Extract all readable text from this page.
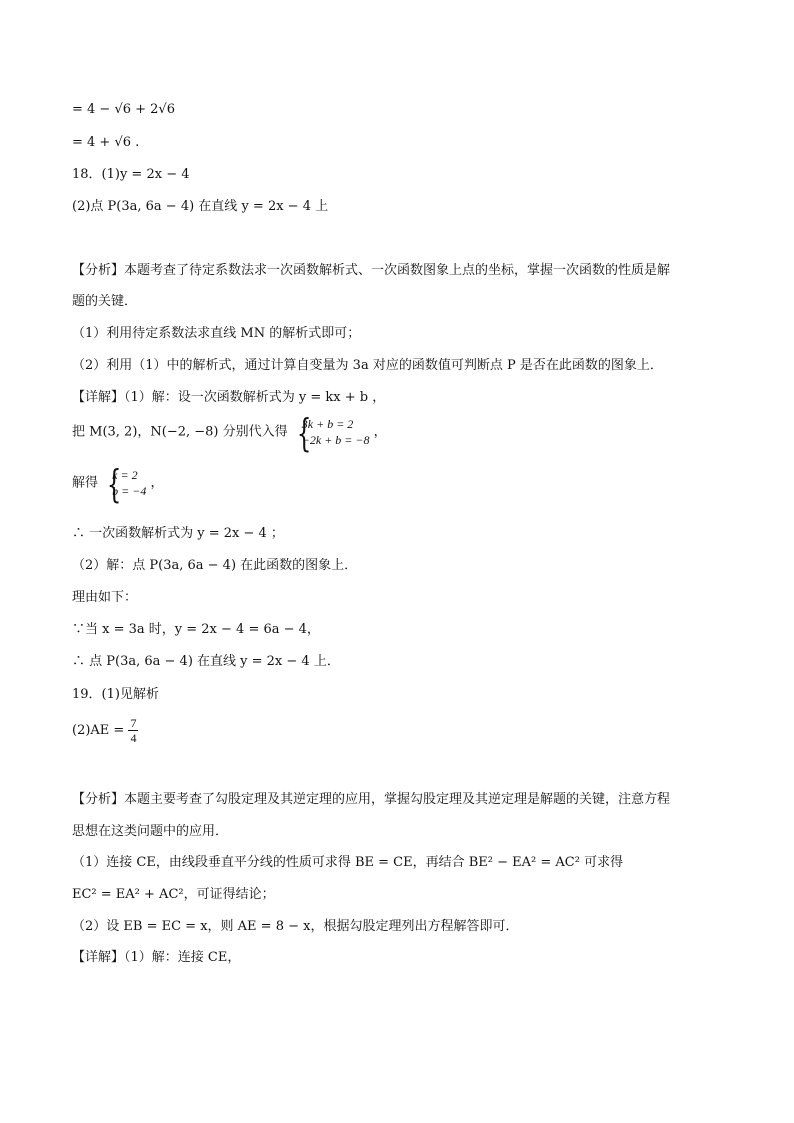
= 4 − √6 + 2√6
= 4 + √6 .
18．(1)y = 2x − 4
(2)点 P(3a, 6a − 4) 在直线 y = 2x − 4 上
【分析】本题考查了待定系数法求一次函数解析式、一次函数图象上点的坐标，掌握一次函数的性质是解
题的关键．
（1）利用待定系数法求直线 MN 的解析式即可；
（2）利用（1）中的解析式，通过计算自变量为 3a 对应的函数值可判断点 P 是否在此函数的图象上．
【详解】（1）解：设一次函数解析式为 y = kx + b ，
把 M(3, 2)，N(−2, −8) 分别代入得
{ 3k + b = 2
−2k + b = −8
，
解得
{ k = 2
b = −4
，
∴ 一次函数解析式为 y = 2x − 4 ；
（2）解：点 P(3a, 6a − 4) 在此函数的图象上．
理由如下：
∵当 x = 3a 时，y = 2x − 4 = 6a − 4，
∴ 点 P(3a, 6a − 4) 在直线 y = 2x − 4 上．
19．(1)见解析
$(2)AE = \frac{7}{4}$
【分析】本题主要考查了勾股定理及其逆定理的应用，掌握勾股定理及其逆定理是解题的关键，注意方程
思想在这类问题中的应用．
（1）连接 CE，由线段垂直平分线的性质可求得 BE = CE，再结合 BE² − EA² = AC² 可求得
EC² = EA² + AC²，可证得结论；
（2）设 EB = EC = x，则 AE = 8 − x，根据勾股定理列出方程解答即可．
【详解】（1）解：连接 CE，
